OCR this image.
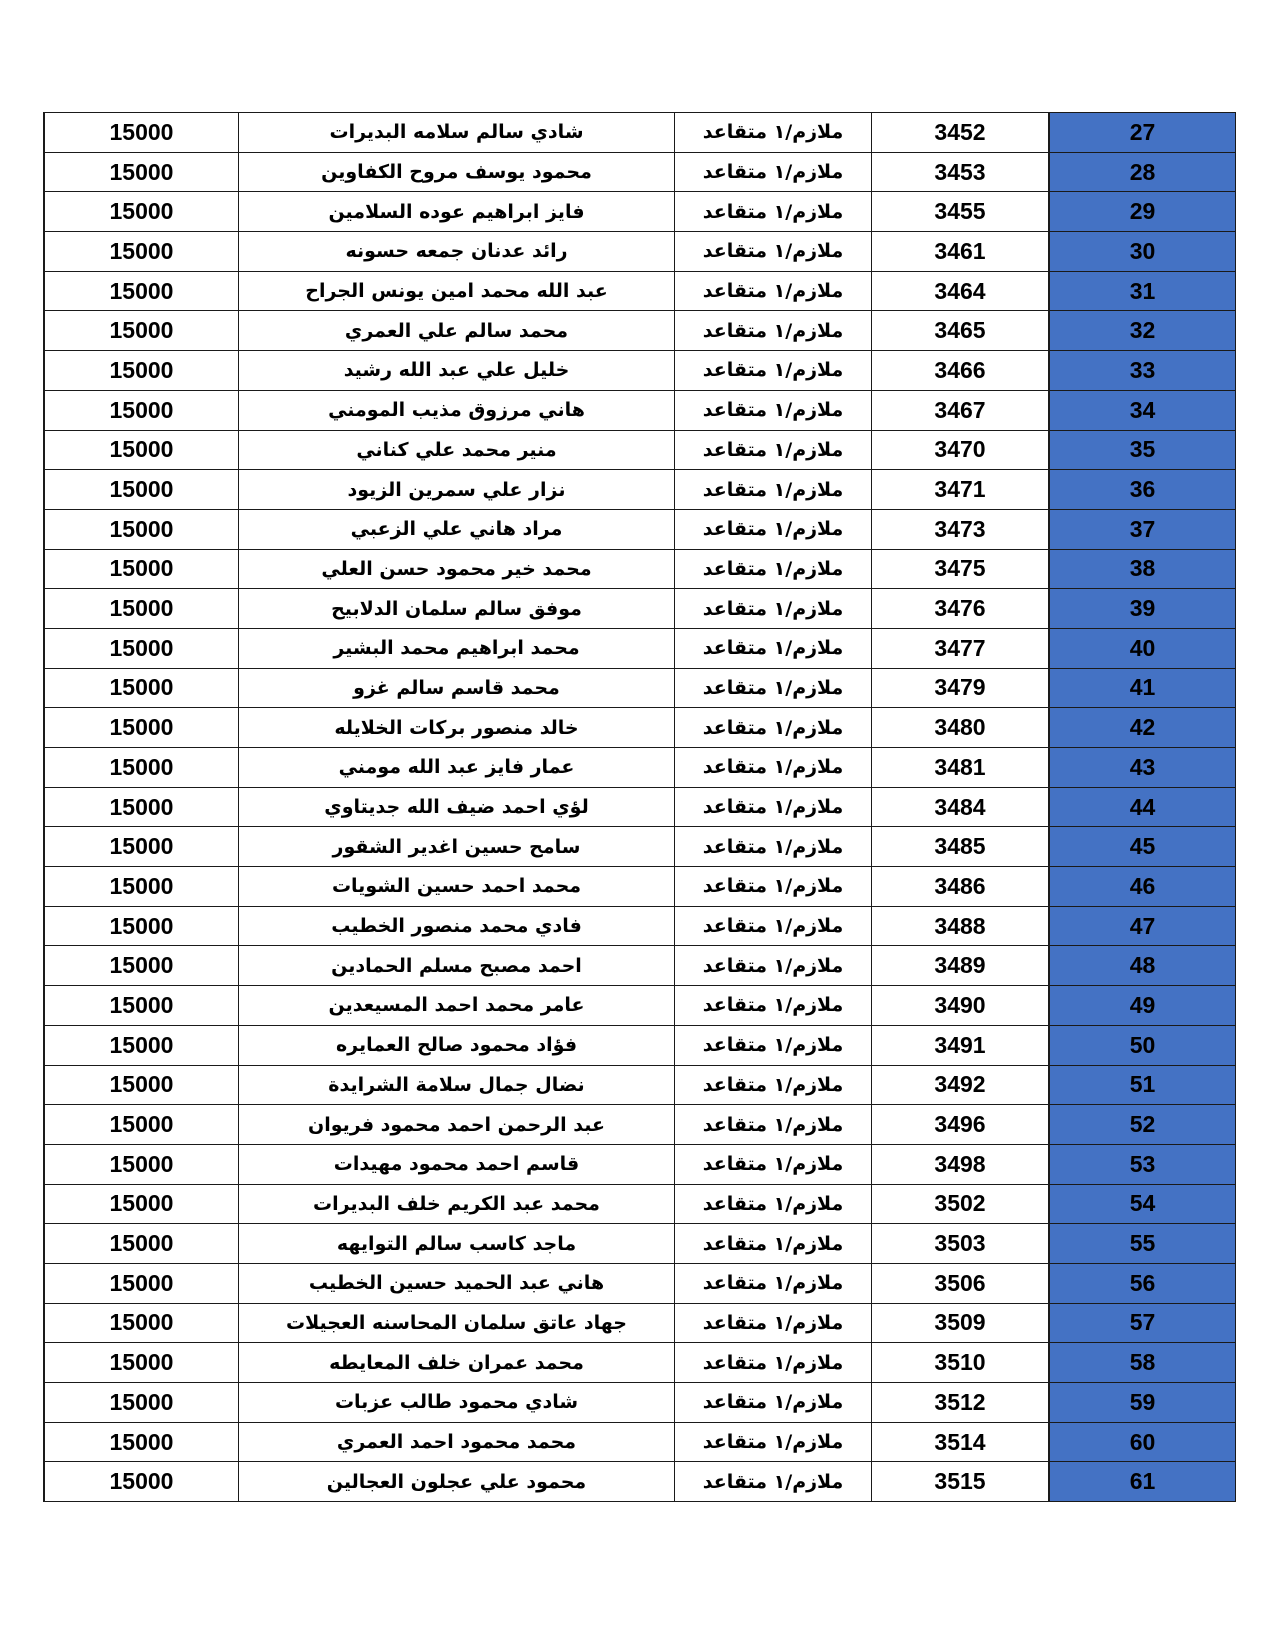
15000	شادي سالم سلامه البديرات	ملازم/١ متقاعد	3452	27
15000	محمود يوسف مروح الكفاوين	ملازم/١ متقاعد	3453	28
15000	فايز ابراهيم عوده السلامين	ملازم/١ متقاعد	3455	29
15000	رائد عدنان جمعه حسونه	ملازم/١ متقاعد	3461	30
15000	عبد الله محمد امين يونس الجراح	ملازم/١ متقاعد	3464	31
15000	محمد سالم علي العمري	ملازم/١ متقاعد	3465	32
15000	خليل علي عبد الله رشيد	ملازم/١ متقاعد	3466	33
15000	هاني مرزوق مذيب المومني	ملازم/١ متقاعد	3467	34
15000	منير محمد علي كناني	ملازم/١ متقاعد	3470	35
15000	نزار علي سمرين الزيود	ملازم/١ متقاعد	3471	36
15000	مراد هاني علي الزعبي	ملازم/١ متقاعد	3473	37
15000	محمد خير محمود حسن العلي	ملازم/١ متقاعد	3475	38
15000	موفق سالم سلمان الدلابيح	ملازم/١ متقاعد	3476	39
15000	محمد ابراهيم محمد البشير	ملازم/١ متقاعد	3477	40
15000	محمد قاسم سالم غزو	ملازم/١ متقاعد	3479	41
15000	خالد منصور بركات الخلايله	ملازم/١ متقاعد	3480	42
15000	عمار فايز عبد الله مومني	ملازم/١ متقاعد	3481	43
15000	لؤي احمد ضيف الله جديتاوي	ملازم/١ متقاعد	3484	44
15000	سامح حسين اغدير الشقور	ملازم/١ متقاعد	3485	45
15000	محمد احمد حسين الشويات	ملازم/١ متقاعد	3486	46
15000	فادي محمد منصور الخطيب	ملازم/١ متقاعد	3488	47
15000	احمد مصبح مسلم الحمادين	ملازم/١ متقاعد	3489	48
15000	عامر محمد احمد المسيعدين	ملازم/١ متقاعد	3490	49
15000	فؤاد محمود صالح العمايره	ملازم/١ متقاعد	3491	50
15000	نضال جمال سلامة الشرايدة	ملازم/١ متقاعد	3492	51
15000	عبد الرحمن احمد محمود فريوان	ملازم/١ متقاعد	3496	52
15000	قاسم احمد محمود مهيدات	ملازم/١ متقاعد	3498	53
15000	محمد عبد الكريم خلف البديرات	ملازم/١ متقاعد	3502	54
15000	ماجد كاسب سالم التوايهه	ملازم/١ متقاعد	3503	55
15000	هاني عبد الحميد حسين الخطيب	ملازم/١ متقاعد	3506	56
15000	جهاد عاتق سلمان المحاسنه العجيلات	ملازم/١ متقاعد	3509	57
15000	محمد عمران خلف المعايطه	ملازم/١ متقاعد	3510	58
15000	شادي محمود طالب عزبات	ملازم/١ متقاعد	3512	59
15000	محمد محمود احمد العمري	ملازم/١ متقاعد	3514	60
15000	محمود علي عجلون العجالين	ملازم/١ متقاعد	3515	61
